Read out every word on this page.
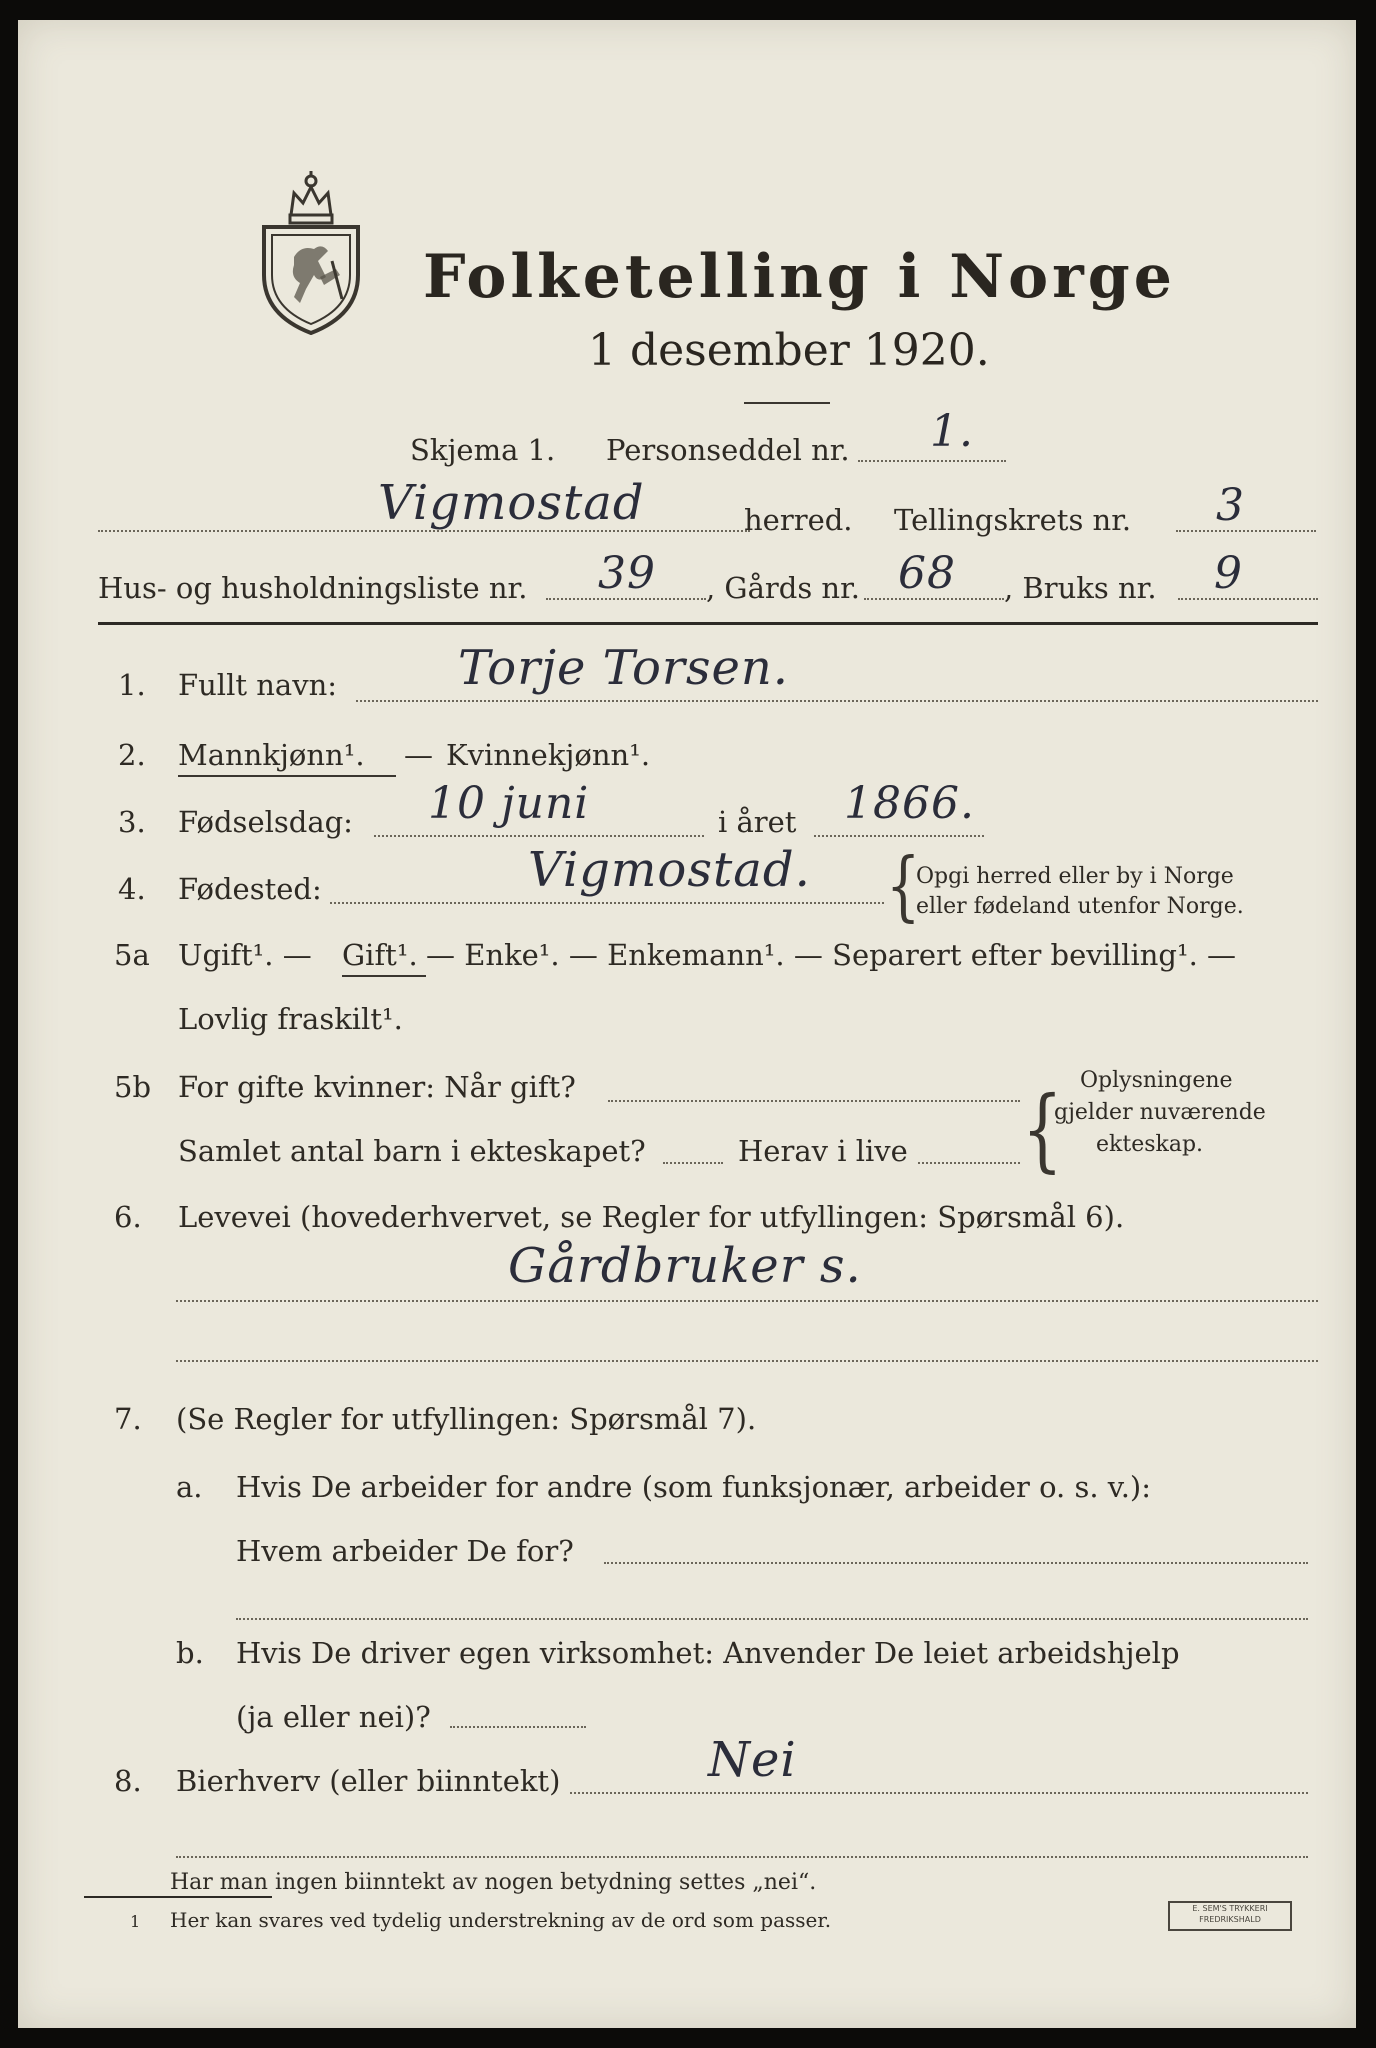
Folketelling i Norge
1 desember 1920.
Skjema 1. Personseddel nr. 1.
Vigmostad	herred. Tellingskrets nr. 3
Hus- og husholdningsliste nr. 39 , Gårds nr. 68 , Bruks nr. 9
1. Fullt navn:	Torje Torsen.
2. Mannkjønn¹. — Kvinnekjønn¹.
3. Fødselsdag: 10 juni	i året 1866.
4. Fødested:	Vigmostad. {
Opgi herred eller by i Norge
eller fødeland utenfor Norge.
5a Ugift¹. — Gift¹. — Enke¹. — Enkemann¹. — Separert efter bevilling¹. —
Lovlig fraskilt¹.
5b For gifte kvinner: Når gift?
Samlet antal barn i ekteskapet?	Herav i live { Oplysningene
gjelder nuværende
ekteskap.
6. Levevei (hovederhvervet, se Regler for utfyllingen: Spørsmål 6).
Gårdbruker s.
7. (Se Regler for utfyllingen: Spørsmål 7).
a. Hvis De arbeider for andre (som funksjonær, arbeider o. s. v.):
Hvem arbeider De for?
b. Hvis De driver egen virksomhet: Anvender De leiet arbeidshjelp
(ja eller nei)?
8. Bierhverv (eller biinntekt)	Nei
Har man ingen biinntekt av nogen betydning settes „nei“.
1 Her kan svares ved tydelig understrekning av de ord som passer.	E. SEM'S TRYKKERI
FREDRIKSHALD
